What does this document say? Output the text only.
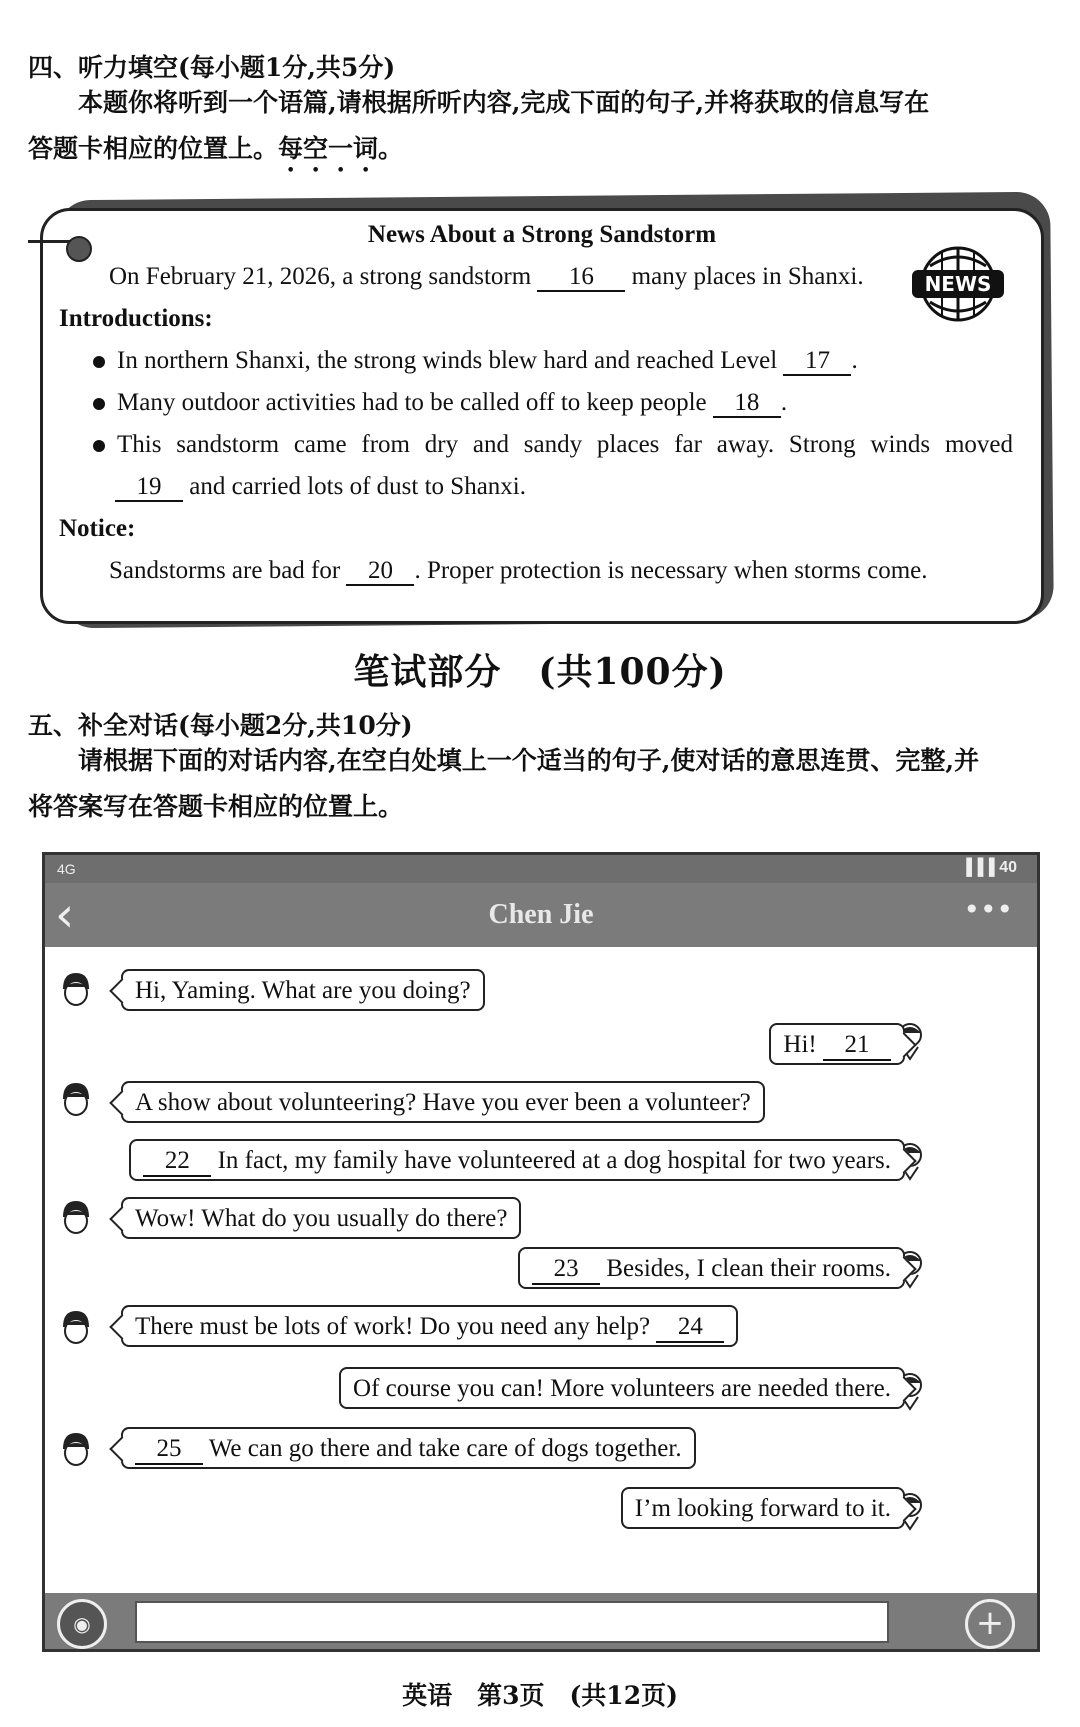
四、听力填空(每小题1分,共5分)
本题你将听到一个语篇,请根据所听内容,完成下面的句子,并将获取的信息写在
答题卡相应的位置上。每空一词。
News About a Strong Sandstorm
On February 21, 2026, a strong sandstorm 16 many places in Shanxi.
Introductions:
In northern Shanxi, the strong winds blew hard and reached Level 17 .
Many outdoor activities had to be called off to keep people 18 .
This sandstorm came from dry and sandy places far away. Strong winds moved
19 and carried lots of dust to Shanxi.
Notice:
Sandstorms are bad for 20 . Proper protection is necessary when storms come.
NEWS
笔试部分　(共100分)
五、补全对话(每小题2分,共10分)
请根据下面的对话内容,在空白处填上一个适当的句子,使对话的意思连贯、完整,并
将答案写在答题卡相应的位置上。
4G	▐▐▐ 40
‹	Chen Jie	•••
Hi, Yaming. What are you doing?
Hi! 21
A show about volunteering? Have you ever been a volunteer?
22 In fact, my family have volunteered at a dog hospital for two years.
Wow! What do you usually do there?
23 Besides, I clean their rooms.
There must be lots of work! Do you need any help? 24
Of course you can! More volunteers are needed there.
25 We can go there and take care of dogs together.
I’m looking forward to it.
◉	+
英语　第3页　(共12页)
